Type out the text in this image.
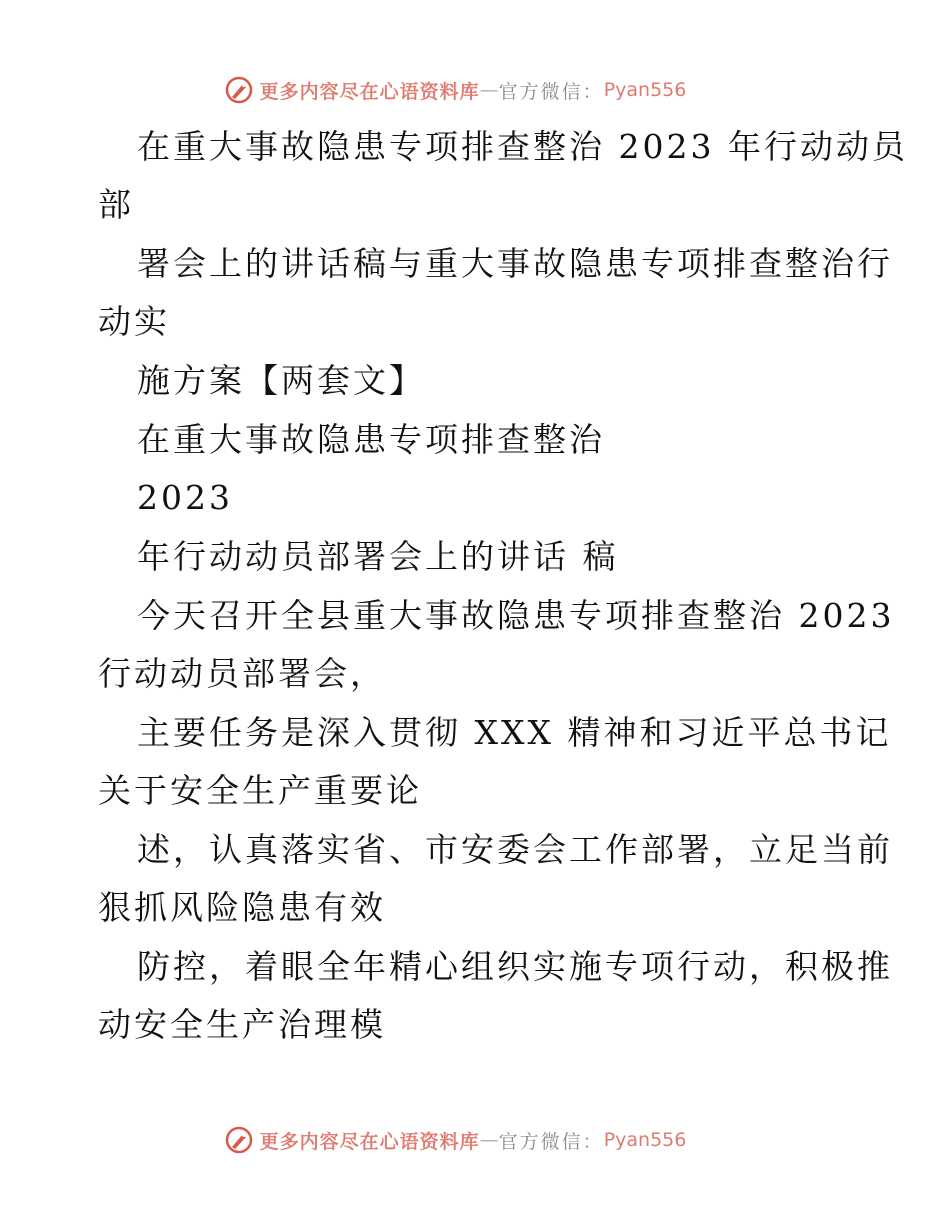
更多内容尽在心语资料库 — 官方微信： Pyan556
在重大事故隐患专项排查整治 2023 年行动动员
部
署会上的讲话稿与重大事故隐患专项排查整治行
动实
施方案【两套文】
在重大事故隐患专项排查整治
2023
年行动动员部署会上的讲话 稿
今天召开全县重大事故隐患专项排查整治 2023
行动动员部署会，
主要任务是深入贯彻 XXX 精神和习近平总书记
关于安全生产重要论
述，认真落实省、市安委会工作部署，立足当前
狠抓风险隐患有效
防控，着眼全年精心组织实施专项行动，积极推
动安全生产治理模
更多内容尽在心语资料库 — 官方微信： Pyan556
